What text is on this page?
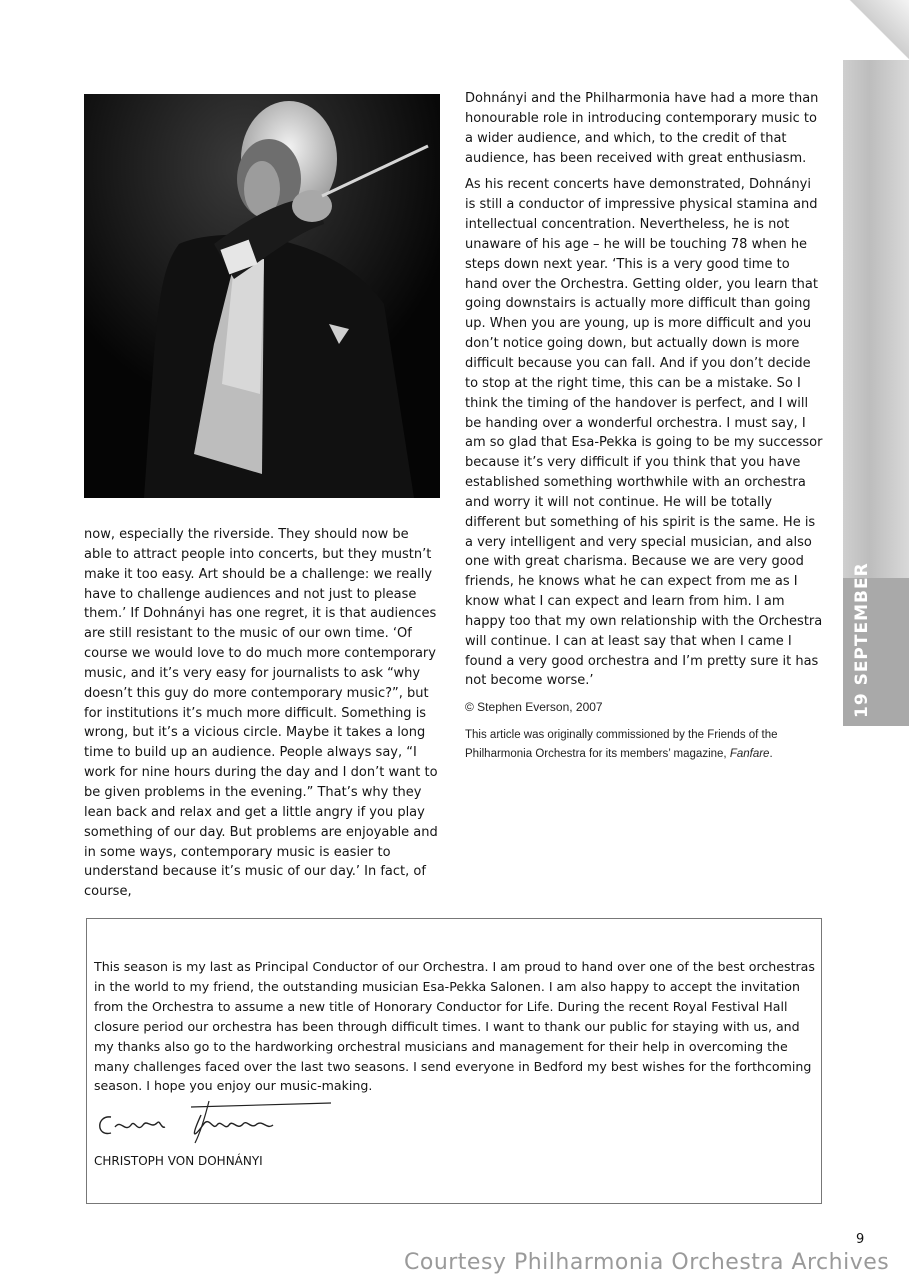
19 SEPTEMBER

now, especially the riverside. They should now be able to attract people into concerts, but they mustn’t make it too easy. Art should be a challenge: we really have to challenge audiences and not just to please them.’ If Dohnányi has one regret, it is that audiences are still resistant to the music of our own time. ‘Of course we would love to do much more contemporary music, and it’s very easy for journalists to ask “why doesn’t this guy do more contemporary music?”, but for institutions it’s much more difficult. Something is wrong, but it’s a vicious circle. Maybe it takes a long time to build up an audience. People always say, “I work for nine hours during the day and I don’t want to be given problems in the evening.” That’s why they lean back and relax and get a little angry if you play something of our day. But problems are enjoyable and in some ways, contemporary music is easier to understand because it’s music of our day.’ In fact, of course,

Dohnányi and the Philharmonia have had a more than honourable role in introducing contemporary music to a wider audience, and which, to the credit of that audience, has been received with great enthusiasm.

As his recent concerts have demonstrated, Dohnányi is still a conductor of impressive physical stamina and intellectual concentration. Nevertheless, he is not unaware of his age – he will be touching 78 when he steps down next year. ‘This is a very good time to hand over the Orchestra. Getting older, you learn that going downstairs is actually more difficult than going up. When you are young, up is more difficult and you don’t notice going down, but actually down is more difficult because you can fall. And if you don’t decide to stop at the right time, this can be a mistake. So I think the timing of the handover is perfect, and I will be handing over a wonderful orchestra. I must say, I am so glad that Esa-Pekka is going to be my successor because it’s very difficult if you think that you have established something worthwhile with an orchestra and worry it will not continue. He will be totally different but something of his spirit is the same. He is a very intelligent and very special musician, and also one with great charisma. Because we are very good friends, he knows what he can expect from me as I know what I can expect and learn from him. I am happy too that my own relationship with the Orchestra will continue. I can at least say that when I came I found a very good orchestra and I’m pretty sure it has not become worse.’

© Stephen Everson, 2007
This article was originally commissioned by the Friends of the Philharmonia Orchestra for its members’ magazine, Fanfare.
This season is my last as Principal Conductor of our Orchestra. I am proud to hand over one of the best orchestras in the world to my friend, the outstanding musician Esa-Pekka Salonen. I am also happy to accept the invitation from the Orchestra to assume a new title of Honorary Conductor for Life. During the recent Royal Festival Hall closure period our orchestra has been through difficult times. I want to thank our public for staying with us, and my thanks also go to the hardworking orchestral musicians and management for their help in overcoming the many challenges faced over the last two seasons. I send everyone in Bedford my best wishes for the forthcoming season. I hope you enjoy our music-making.
CHRISTOPH VON DOHNÁNYI
9
Courtesy Philharmonia Orchestra Archives
